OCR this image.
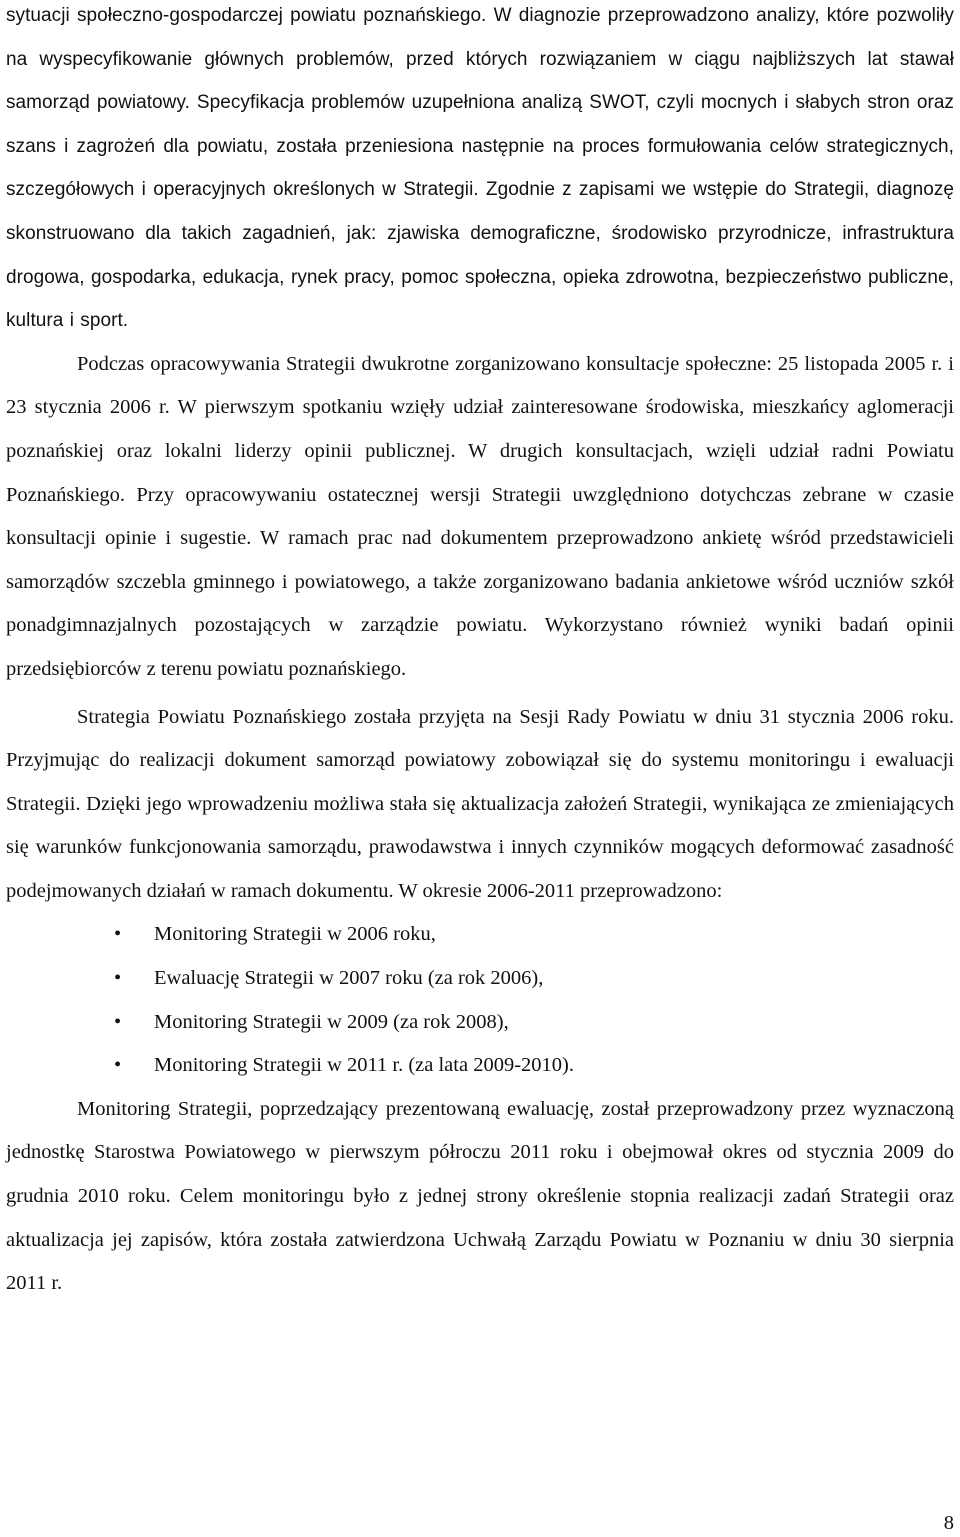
sytuacji społeczno-gospodarczej powiatu poznańskiego. W diagnozie przeprowadzono analizy, które pozwoliły na wyspecyfikowanie głównych problemów, przed których rozwiązaniem w ciągu najbliższych lat stawał samorząd powiatowy. Specyfikacja problemów uzupełniona analizą SWOT, czyli mocnych i słabych stron oraz szans i zagrożeń dla powiatu, została przeniesiona następnie na proces formułowania celów strategicznych, szczegółowych i operacyjnych określonych w Strategii. Zgodnie z zapisami we wstępie do Strategii, diagnozę skonstruowano dla takich zagadnień, jak: zjawiska demograficzne, środowisko przyrodnicze, infrastruktura drogowa, gospodarka, edukacja, rynek pracy, pomoc społeczna, opieka zdrowotna, bezpieczeństwo publiczne, kultura i sport.

Podczas opracowywania Strategii dwukrotne zorganizowano konsultacje społeczne: 25 listopada 2005 r. i 23 stycznia 2006 r. W pierwszym spotkaniu wzięły udział zainteresowane środowiska, mieszkańcy aglomeracji poznańskiej oraz lokalni liderzy opinii publicznej. W drugich konsultacjach, wzięli udział radni Powiatu Poznańskiego. Przy opracowywaniu ostatecznej wersji Strategii uwzględniono dotychczas zebrane w czasie konsultacji opinie i sugestie. W ramach prac nad dokumentem przeprowadzono ankietę wśród przedstawicieli samorządów szczebla gminnego i powiatowego, a także zorganizowano badania ankietowe wśród uczniów szkół ponadgimnazjalnych pozostających w zarządzie powiatu. Wykorzystano również wyniki badań opinii przedsiębiorców z terenu powiatu poznańskiego.

Strategia Powiatu Poznańskiego została przyjęta na Sesji Rady Powiatu w dniu 31 stycznia 2006 roku. Przyjmując do realizacji dokument samorząd powiatowy zobowiązał się do systemu monitoringu i ewaluacji Strategii. Dzięki jego wprowadzeniu możliwa stała się aktualizacja założeń Strategii, wynikająca ze zmieniających się warunków funkcjonowania samorządu, prawodawstwa i innych czynników mogących deformować zasadność podejmowanych działań w ramach dokumentu. W okresie 2006-2011 przeprowadzono:

• Monitoring Strategii w 2006 roku,
• Ewaluację Strategii w 2007 roku (za rok 2006),
• Monitoring Strategii w 2009 (za rok 2008),
• Monitoring Strategii w 2011 r. (za lata 2009-2010).

Monitoring Strategii, poprzedzający prezentowaną ewaluację, został przeprowadzony przez wyznaczoną jednostkę Starostwa Powiatowego w pierwszym półroczu 2011 roku i obejmował okres od stycznia 2009 do grudnia 2010 roku. Celem monitoringu było z jednej strony określenie stopnia realizacji zadań Strategii oraz aktualizacja jej zapisów, która została zatwierdzona Uchwałą Zarządu Powiatu w Poznaniu w dniu 30 sierpnia 2011 r.

8
